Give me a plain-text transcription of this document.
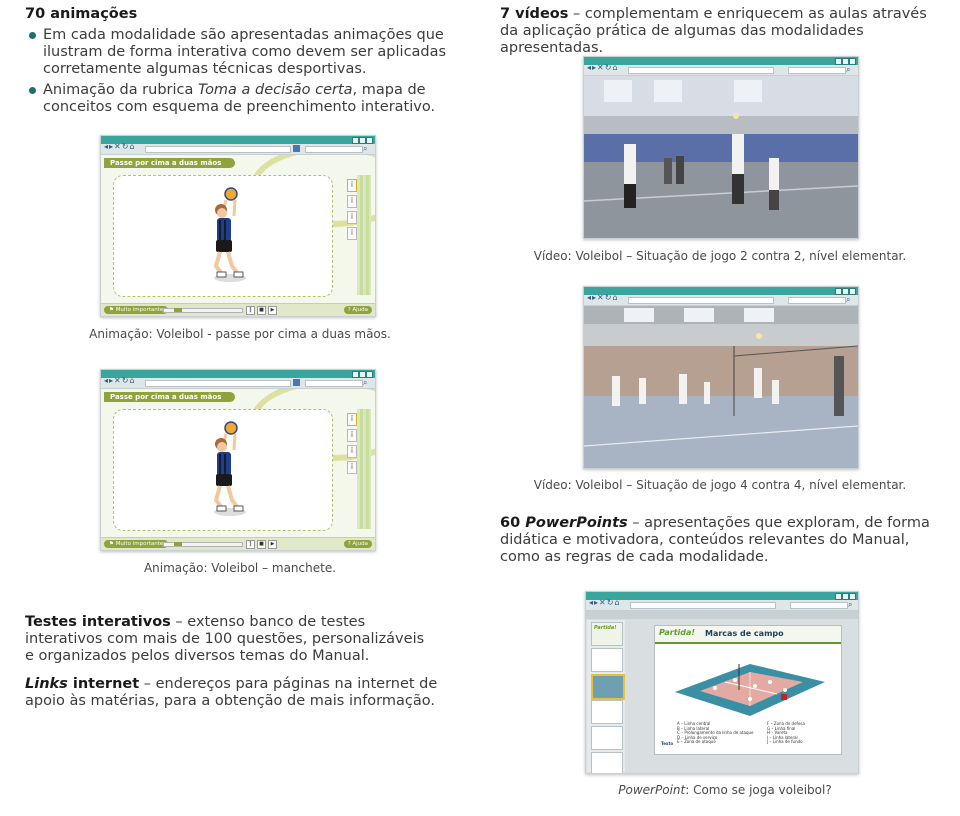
70 animações
Em cada modalidade são apresentadas animações que ilustram de forma interativa como devem ser aplicadas corretamente algumas técnicas desportivas.
Animação da rubrica Toma a decisão certa, mapa de conceitos com esquema de preenchimento interativo.
◂▸✕↻⌂	⌕
Passe por cima a duas mãos
ǐ
ǐ
ǐ
ǐ
⚑ Muito importante	‖	■	▶	? Ajuda
Animação: Voleibol - passe por cima a duas mãos.
◂▸✕↻⌂	⌕
Passe por cima a duas mãos
ǐ
ǐ
ǐ
ǐ
⚑ Muito importante	‖	■	▶	? Ajuda
Animação: Voleibol – manchete.
Testes interativos – extenso banco de testes interativos com mais de 100 questões, personalizáveis e organizados pelos diversos temas do Manual.
Links internet – endereços para páginas na internet de apoio às matérias, para a obtenção de mais informação.
7 vídeos – complementam e enriquecem as aulas através da aplicação prática de algumas das modalidades apresentadas.
◂▸✕↻⌂	⌕
Vídeo: Voleibol – Situação de jogo 2 contra 2, nível elementar.
◂▸✕↻⌂	⌕
Vídeo: Voleibol – Situação de jogo 4 contra 4, nível elementar.
60 PowerPoints – apresentações que exploram, de forma didática e motivadora, conteúdos relevantes do Manual, como as regras de cada modalidade.
◂▸✕↻⌂	⌕
Partida!	Partida! Marcas de campo
A – Linha central
B – Linha lateral
C – Prolongamento da linha de ataque
D – Linha de serviço
E – Zona de ataque
F – Zona de defesa
G – Linha final
H – Vareta
I – Linha lateral
J – Linha de fundo
Texto
PowerPoint: Como se joga voleibol?
